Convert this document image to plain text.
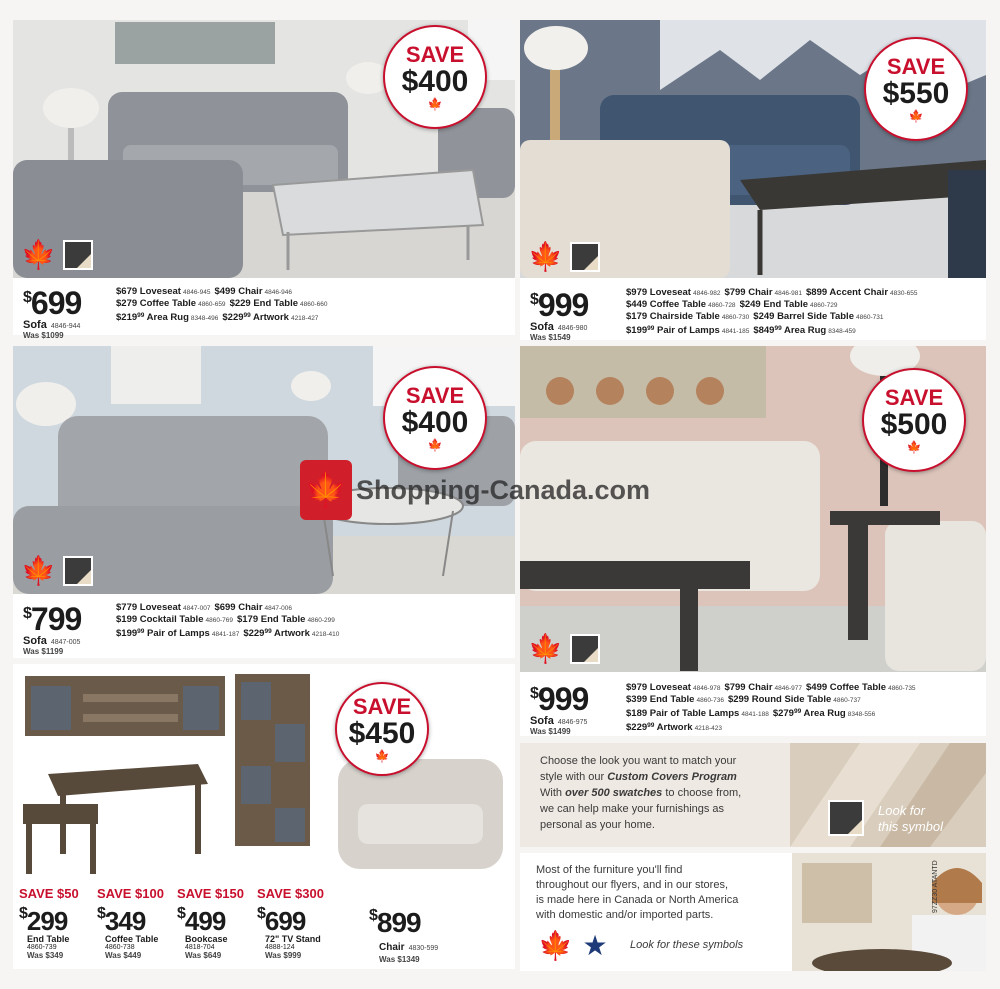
SAVE
$400
🍁
🍁
$699
Sofa 4846-944
Was $1099
$679 Loveseat 4846-945 $499 Chair 4846-946
$279 Coffee Table 4860-659 $229 End Table 4860-660
$\$219^{99}$ Area Rug 8348-496 $\$229^{99}$ Artwork 4218-427
SAVE
$550
🍁
🍁
$999
Sofa 4846-980
Was $1549
$979 Loveseat 4846-982 $799 Chair 4846-981 $899 Accent Chair 4830-655
$449 Coffee Table 4860-728 $249 End Table 4860-729
$179 Chairside Table 4860-730 $249 Barrel Side Table 4860-731
$\$199^{99}$ Pair of Lamps 4841-185 $\$849^{99}$ Area Rug 8348-459
SAVE
$400
🍁
🍁
$799
Sofa 4847-005
Was $1199
$779 Loveseat 4847-007 $699 Chair 4847-006
$199 Cocktail Table 4860-769 $179 End Table 4860-299
$\$199^{99}$ Pair of Lamps 4841-187 $\$229^{99}$ Artwork 4218-410
SAVE
$500
🍁
🍁
$999
Sofa 4846-975
Was $1499
$979 Loveseat 4846-978 $799 Chair 4846-977 $499 Coffee Table 4860-735
$399 End Table 4860-736 $299 Round Side Table 4860-737
$189 Pair of Table Lamps 4841-188 $\$279^{99}$ Area Rug 8348-556
$\$229^{99}$ Artwork 4218-423
SAVE
$450
🍁
SAVE $50
$299
End Table
4860-739
Was $349
SAVE $100
$349
Coffee Table
4860-738
Was $449
SAVE $150
$499
Bookcase
4818-704
Was $649
SAVE $300
$699
72" TV Stand
4888-124
Was $999
$899
Chair 4830-599
Was $1349
Choose the look you want to match your
style with our Custom Covers Program
With over 500 swatches to choose from,
we can help make your furnishings as
personal as your home.
Look for
this symbol
Most of the furniture you'll find
throughout our flyers, and in our stores,
is made here in Canada or North America
with domestic and/or imported parts.
🍁 ★	Look for these symbols
97ZZ30 ATANTD
🍁 Shopping-Canada.com
